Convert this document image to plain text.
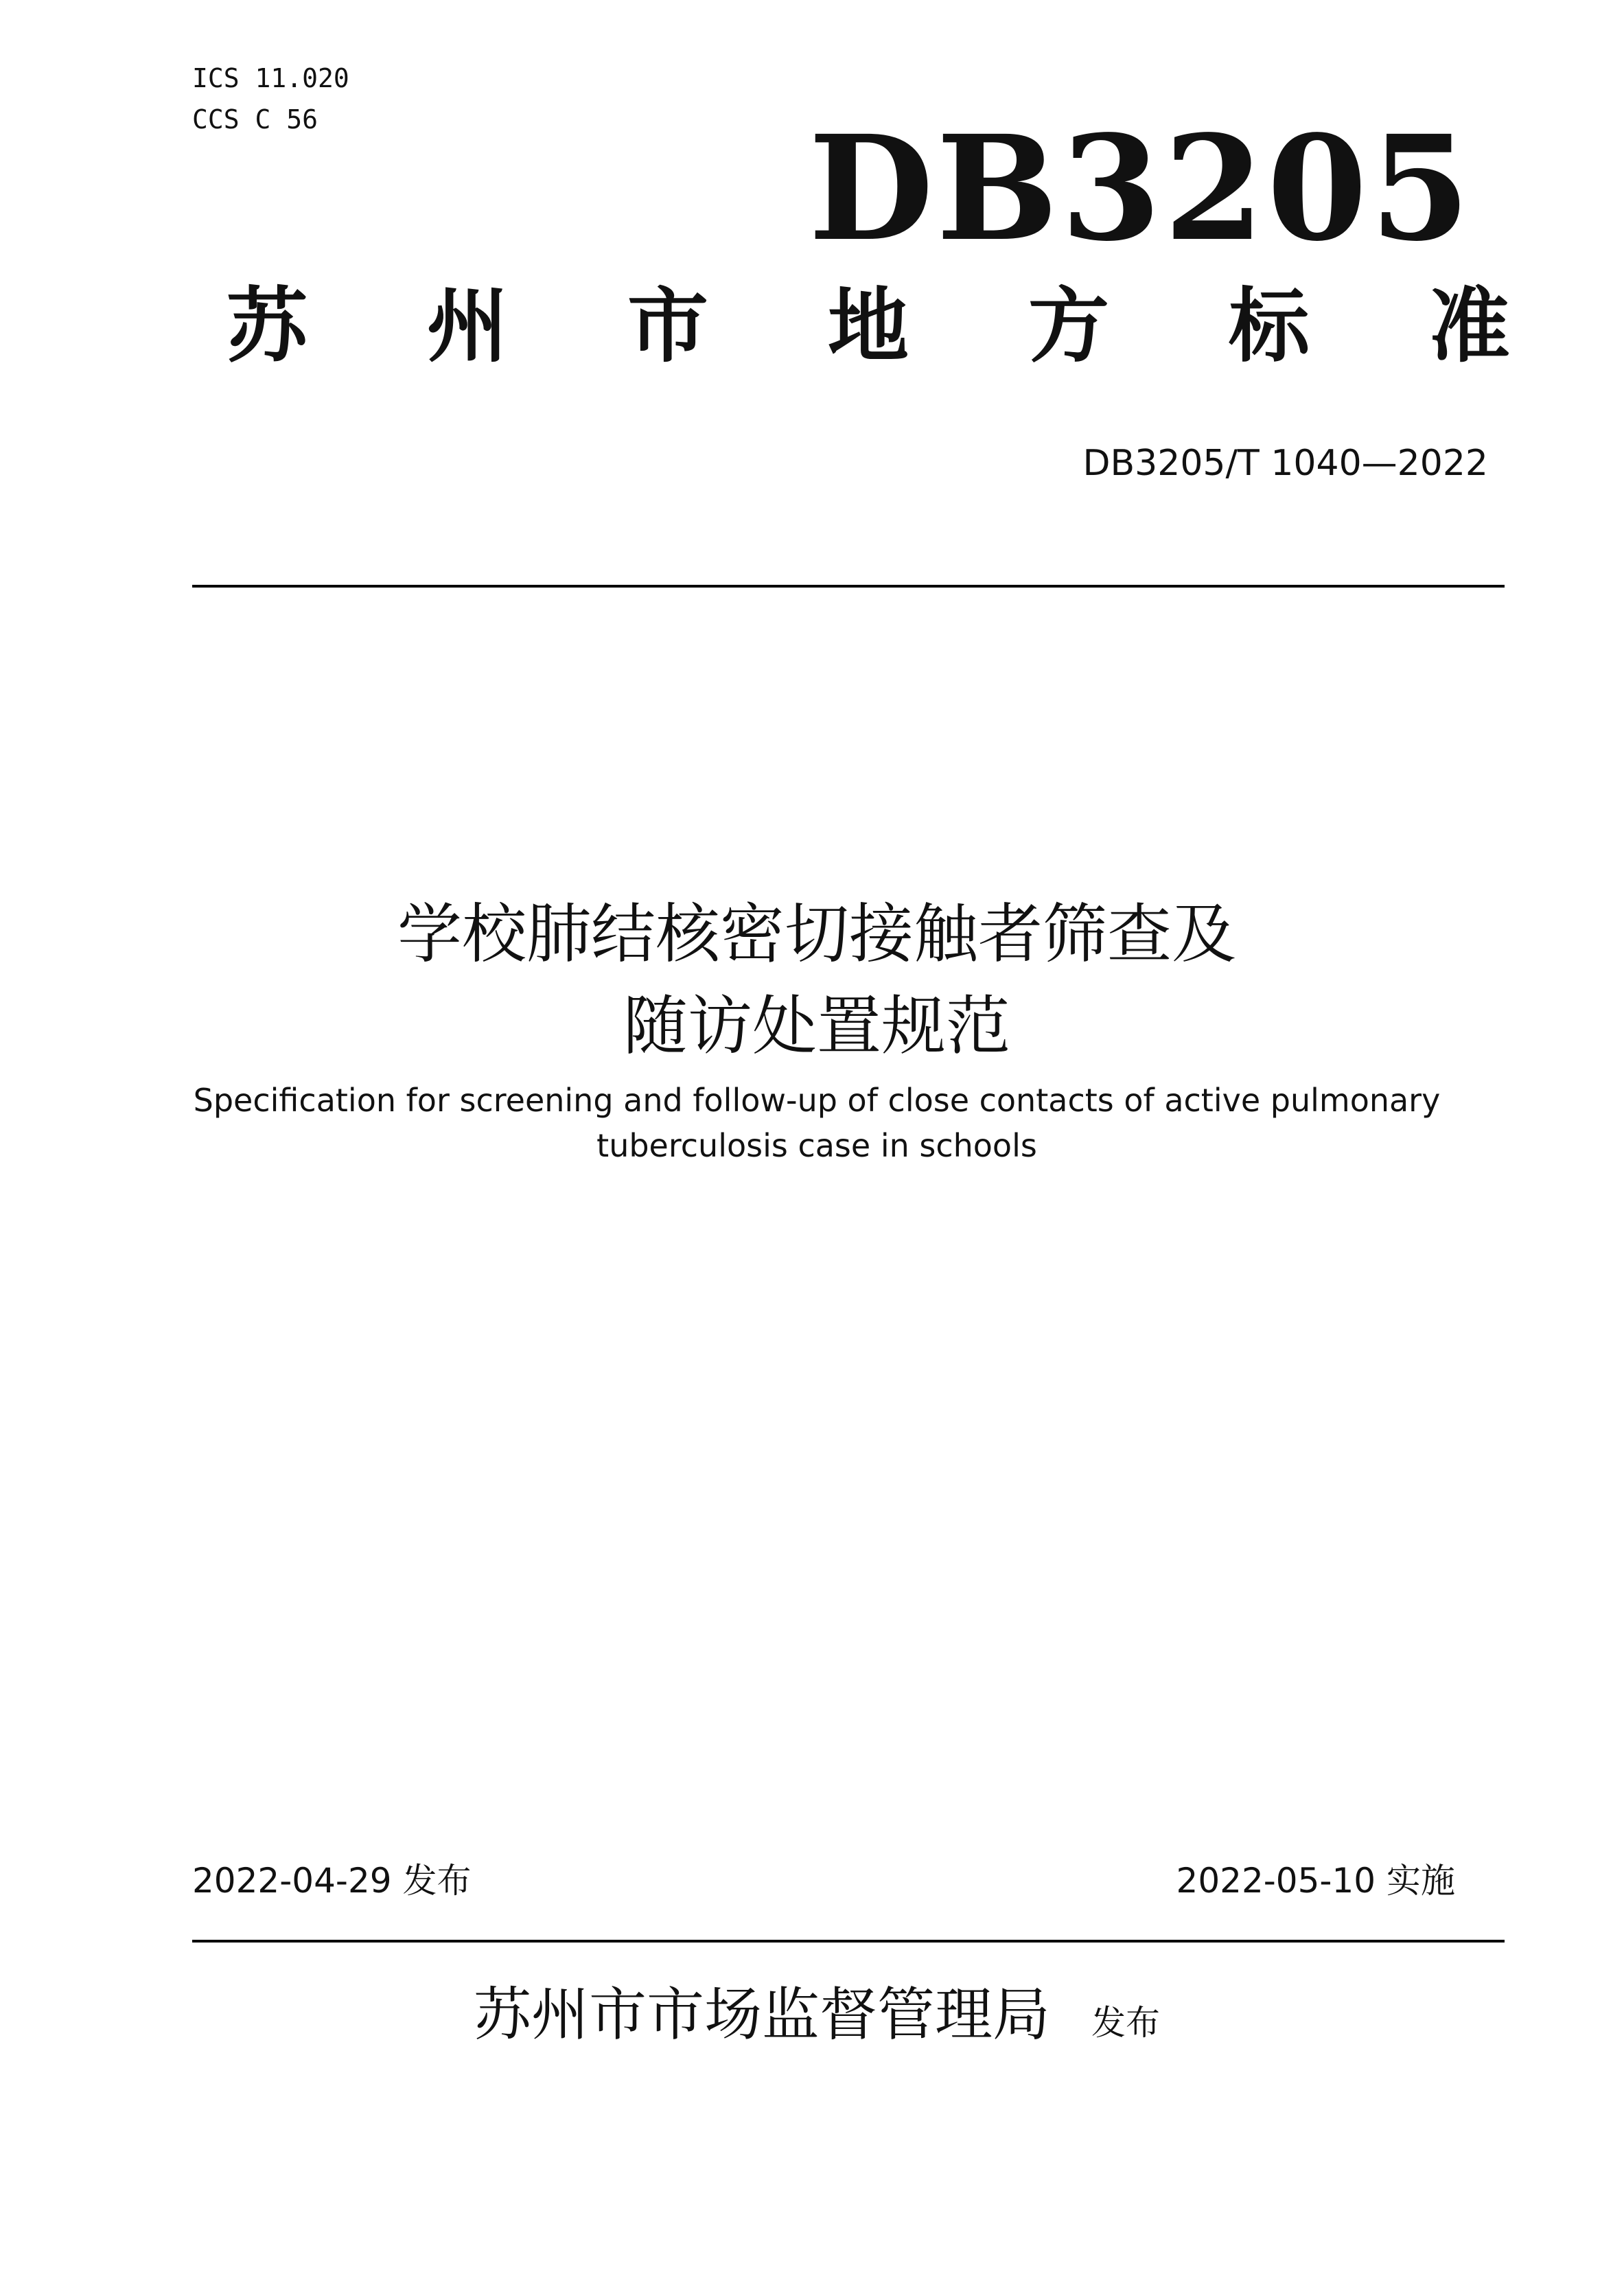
ICS 11.020
CCS C 56	DB3205
苏 州 市 地 方 标 准
DB3205/T 1040—2022
学校肺结核密切接触者筛查及
随访处置规范
Specification for screening and follow-up of close contacts of active pulmonary
tuberculosis case in schools
2022-04-29 发布	2022-05-10 实施
苏州市市场监督管理局 发布
